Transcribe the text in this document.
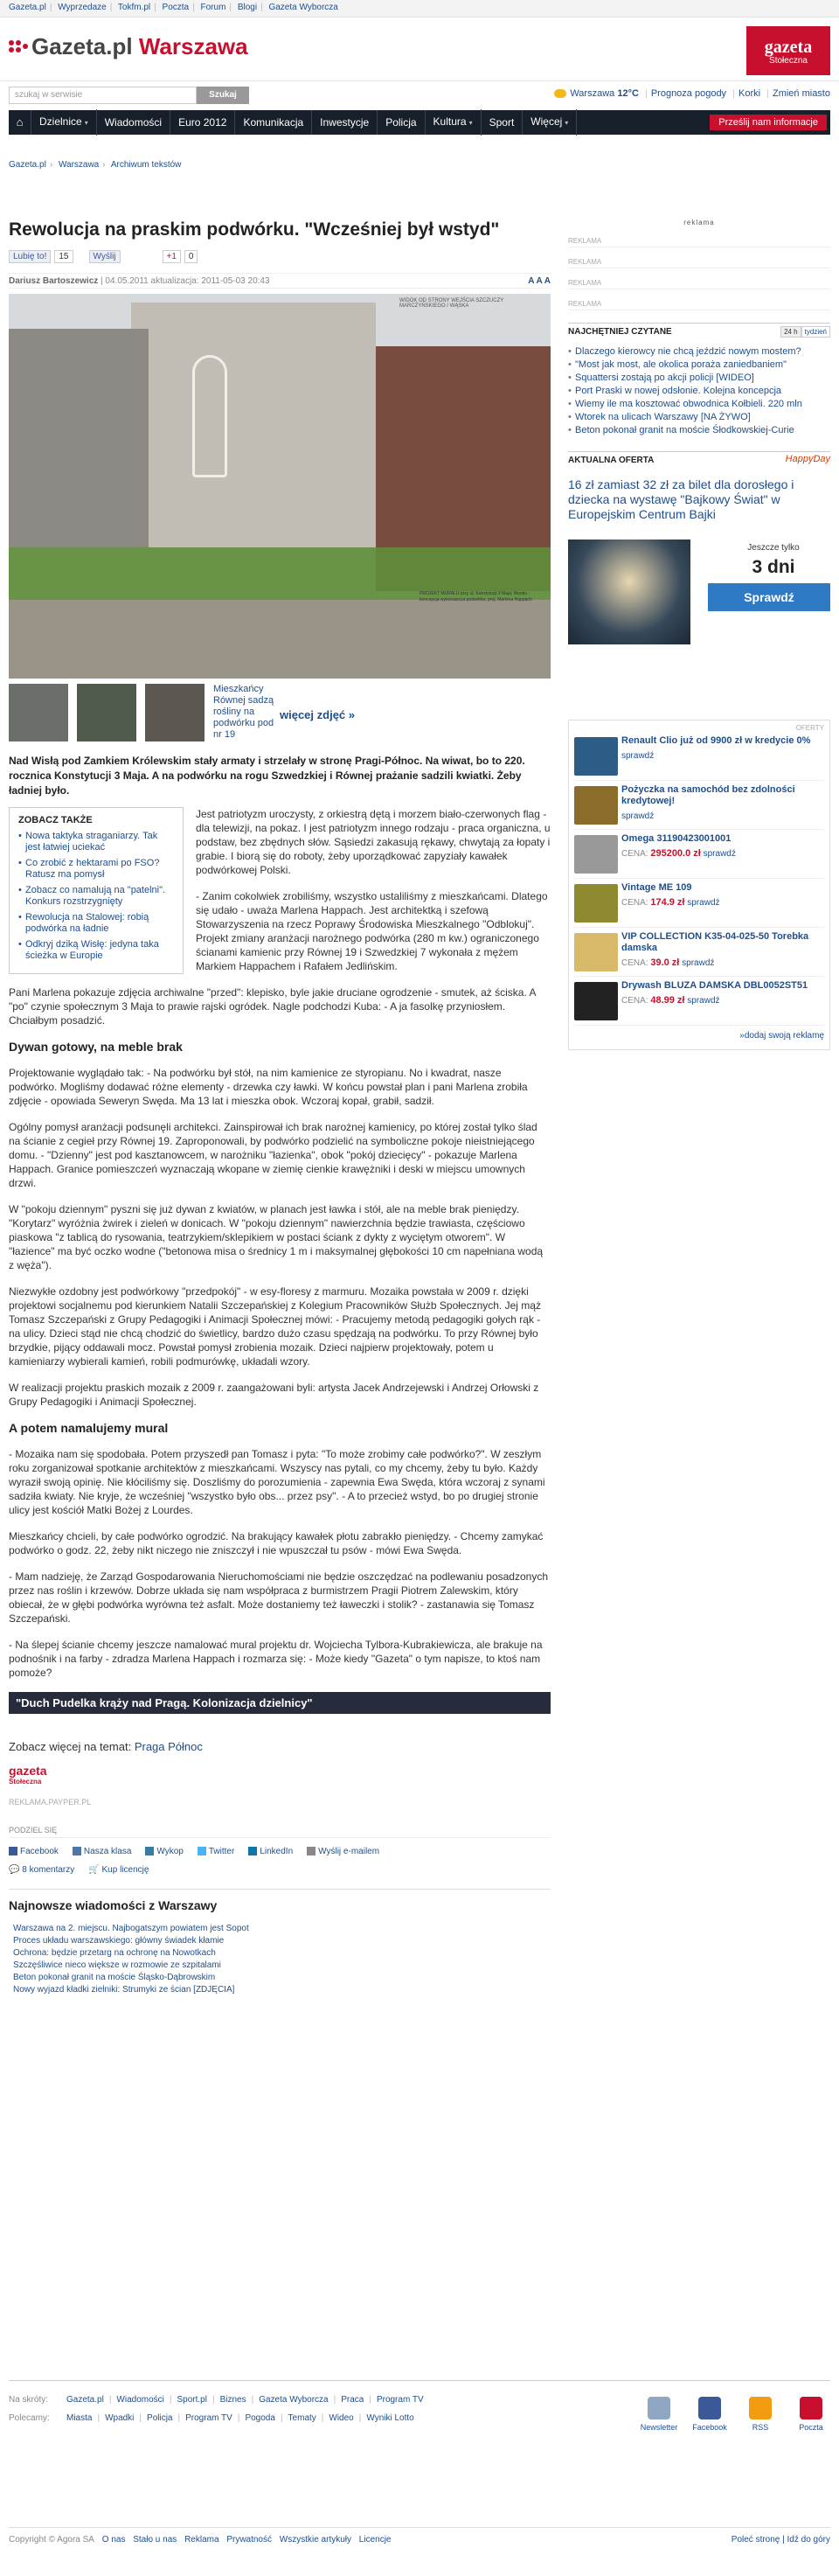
Gazeta.pl | Wyprzedaze | Tokfm.pl | Poczta | Forum | Blogi | Gazeta Wyborcza
Gazeta.pl Warszawa	gazeta
Stołeczna
szukaj w serwisie	Szukaj	Warszawa 12°C | Prognoza pogody | Korki | Zmień miasto
⌂	Dzielnice ▾	Wiadomości	Euro 2012	Komunikacja	Inwestycje	Policja	Kultura ▾	Sport	Więcej ▾	Prześlij nam informacje
Gazeta.pl › Warszawa › Archiwum tekstów
Rewolucja na praskim podwórku. "Wcześniej był wstyd"
Lubię to!	15	Wyślij	+1	0
Dariusz Bartoszewicz | 04.05.2011 aktualizacja: 2011-05-03 20:43	A A A
WIDOK OD STRONY WEJŚCIA SZCZUCZY MARCZYŃSKIEGO / WĄSKA
PROJEKT MURALU przy ul. Konstytucji 3 Maja; Muralu - koncepcja wykonawcza podwórka; proj. Marlena Happach
Mieszkańcy Równej sadzą rośliny na podwórku pod nr 19
więcej zdjęć »

Nad Wisłą pod Zamkiem Królewskim stały armaty i strzelały w stronę Pragi-Północ. Na wiwat, bo to 220. rocznica Konstytucji 3 Maja. A na podwórku na rogu Szwedzkiej i Równej prażanie sadzili kwiatki. Żeby ładniej było.

ZOBACZ TAKŻE
• Nowa taktyka straganiarzy. Tak jest łatwiej uciekać
• Co zrobić z hektarami po FSO? Ratusz ma pomysł
• Zobacz co namalują na "patelni". Konkurs rozstrzygnięty
• Rewolucja na Stalowej: robią podwórka na ładnie
• Odkryj dziką Wisłę: jedyna taka ścieżka w Europie

Jest patriotyzm uroczysty, z orkiestrą dętą i morzem biało-czerwonych flag - dla telewizji, na pokaz. I jest patriotyzm innego rodzaju - praca organiczna, u podstaw, bez zbędnych słów. Sąsiedzi zakasują rękawy, chwytają za łopaty i grabie. I biorą się do roboty, żeby uporządkować zapyziały kawałek podwórkowej Polski.

- Zanim cokolwiek zrobiliśmy, wszystko ustaliliśmy z mieszkańcami. Dlatego się udało - uważa Marlena Happach. Jest architektką i szefową Stowarzyszenia na rzecz Poprawy Środowiska Mieszkalnego "Odblokuj". Projekt zmiany aranżacji narożnego podwórka (280 m kw.) ograniczonego ścianami kamienic przy Równej 19 i Szwedzkiej 7 wykonała z mężem Markiem Happachem i Rafałem Jedlińskim.

Pani Marlena pokazuje zdjęcia archiwalne "przed": klepisko, byle jakie druciane ogrodzenie - smutek, aż ściska. A "po" czynie społecznym 3 Maja to prawie rajski ogródek. Nagle podchodzi Kuba: - A ja fasolkę przyniosłem. Chciałbym posadzić.

Dywan gotowy, na meble brak

Projektowanie wyglądało tak: - Na podwórku był stół, na nim kamienice ze styropianu. No i kwadrat, nasze podwórko. Mogliśmy dodawać różne elementy - drzewka czy ławki. W końcu powstał plan i pani Marlena zrobiła zdjęcie - opowiada Seweryn Swęda. Ma 13 lat i mieszka obok. Wczoraj kopał, grabił, sadził.

Ogólny pomysł aranżacji podsunęli architekci. Zainspirował ich brak narożnej kamienicy, po której został tylko ślad na ścianie z cegieł przy Równej 19. Zaproponowali, by podwórko podzielić na symboliczne pokoje nieistniejącego domu. - "Dzienny" jest pod kasztanowcem, w narożniku "łazienka", obok "pokój dziecięcy" - pokazuje Marlena Happach. Granice pomieszczeń wyznaczają wkopane w ziemię cienkie krawężniki i deski w miejscu umownych drzwi.

W "pokoju dziennym" pyszni się już dywan z kwiatów, w planach jest ławka i stół, ale na meble brak pieniędzy. "Korytarz" wyróżnia żwirek i zieleń w donicach. W "pokoju dziennym" nawierzchnia będzie trawiasta, częściowo piaskowa "z tablicą do rysowania, teatrzykiem/sklepikiem w postaci ściank z dykty z wyciętym otworem". W "łazience" ma być oczko wodne ("betonowa misa o średnicy 1 m i maksymalnej głębokości 10 cm napełniana wodą z węża").

Niezwykłe ozdobny jest podwórkowy "przedpokój" - w esy-floresy z marmuru. Mozaika powstała w 2009 r. dzięki projektowi socjalnemu pod kierunkiem Natalii Szczepańskiej z Kolegium Pracowników Służb Społecznych. Jej mąż Tomasz Szczepański z Grupy Pedagogiki i Animacji Społecznej mówi: - Pracujemy metodą pedagogiki gołych rąk - na ulicy. Dzieci stąd nie chcą chodzić do świetlicy, bardzo dużo czasu spędzają na podwórku. To przy Równej było brzydkie, pijący oddawali mocz. Powstał pomysł zrobienia mozaik. Dzieci najpierw projektowały, potem u kamieniarzy wybierali kamień, robili podmurówkę, układali wzory.

W realizacji projektu praskich mozaik z 2009 r. zaangażowani byli: artysta Jacek Andrzejewski i Andrzej Orłowski z Grupy Pedagogiki i Animacji Społecznej.

A potem namalujemy mural

- Mozaika nam się spodobała. Potem przyszedł pan Tomasz i pyta: "To może zrobimy całe podwórko?". W zeszłym roku zorganizował spotkanie architektów z mieszkańcami. Wszyscy nas pytali, co my chcemy, żeby tu było. Każdy wyraził swoją opinię. Nie kłóciliśmy się. Doszliśmy do porozumienia - zapewnia Ewa Swęda, która wczoraj z synami sadziła kwiaty. Nie kryje, że wcześniej "wszystko było obs... przez psy". - A to przecież wstyd, bo po drugiej stronie ulicy jest kościół Matki Bożej z Lourdes.

Mieszkańcy chcieli, by całe podwórko ogrodzić. Na brakujący kawałek płotu zabrakło pieniędzy. - Chcemy zamykać podwórko o godz. 22, żeby nikt niczego nie zniszczył i nie wpuszczał tu psów - mówi Ewa Swęda.

- Mam nadzieję, że Zarząd Gospodarowania Nieruchomościami nie będzie oszczędzać na podlewaniu posadzonych przez nas roślin i krzewów. Dobrze układa się nam współpraca z burmistrzem Pragii Piotrem Zalewskim, który obiecał, że w głębi podwórka wyrówna też asfalt. Może dostaniemy też ławeczki i stolik? - zastanawia się Tomasz Szczepański.

- Na ślepej ścianie chcemy jeszcze namalować mural projektu dr. Wojciecha Tylbora-Kubrakiewicza, ale brakuje na podnośnik i na farby - zdradza Marlena Happach i rozmarza się: - Może kiedy "Gazeta" o tym napisze, to ktoś nam pomoże?

"Duch Pudelka krąży nad Pragą. Kolonizacja dzielnicy"
Zobacz więcej na temat: Praga Północ
gazeta
Stołeczna
REKLAMA.PAYPER.PL
PODZIEL SIĘ
Facebook	Nasza klasa	Wykop	Twitter	LinkedIn	Wyślij e-mailem
💬 8 komentarzy 🛒 Kup licencję
Najnowsze wiadomości z Warszawy
Warszawa na 2. miejscu. Najbogatszym powiatem jest Sopot
Proces układu warszawskiego: główny świadek kłamie
Ochrona: będzie przetarg na ochronę na Nowotkach
Szczęśliwice nieco większe w rozmowie ze szpitalami
Beton pokonał granit na moście Śląsko-Dąbrowskim
Nowy wyjazd kładki zielniki: Strumyki ze ścian [ZDJĘCIA]
reklama
REKLAMA
REKLAMA
REKLAMA
REKLAMA
NAJCHĘTNIEJ CZYTANE	24 h	tydzień
• Dlaczego kierowcy nie chcą jeździć nowym mostem?
• "Most jak most, ale okolica poraża zaniedbaniem"
• Squattersi zostają po akcji policji [WIDEO]
• Port Praski w nowej odsłonie. Kolejna koncepcja
• Wiemy ile ma kosztować obwodnica Kołbieli. 220 mln
• Wtorek na ulicach Warszawy [NA ŻYWO]
• Beton pokonał granit na moście Śłodkowskiej-Curie
AKTUALNA OFERTA	HappyDay
16 zł zamiast 32 zł za bilet dla dorosłego i dziecka na wystawę "Bajkowy Świat" w Europejskim Centrum Bajki
Jeszcze tylko
3 dni
Sprawdź
OFERTY
Renault Clio już od 9900 zł w kredycie 0%
sprawdź
Pożyczka na samochód bez zdolności kredytowej!
sprawdź
Omega 31190423001001
CENA: 295200.0 zł sprawdź
Vintage ME 109
CENA: 174.9 zł sprawdź
VIP COLLECTION K35-04-025-50 Torebka damska
CENA: 39.0 zł sprawdź
Drywash BLUZA DAMSKA DBL0052ST51
CENA: 48.99 zł sprawdź
»dodaj swoją reklamę
Na skróty:	Gazeta.pl | Wiadomości | Sport.pl | Biznes | Gazeta Wyborcza | Praca | Program TV
Polecamy:	Miasta | Wpadki | Policja | Program TV | Pogoda | Tematy | Wideo | Wyniki Lotto
Newsletter Facebook	RSS	Poczta
Copyright © Agora SA O nas Stało u nas Reklama Prywatność Wszystkie artykuły Licencje	Poleć stronę | Idź do góry
